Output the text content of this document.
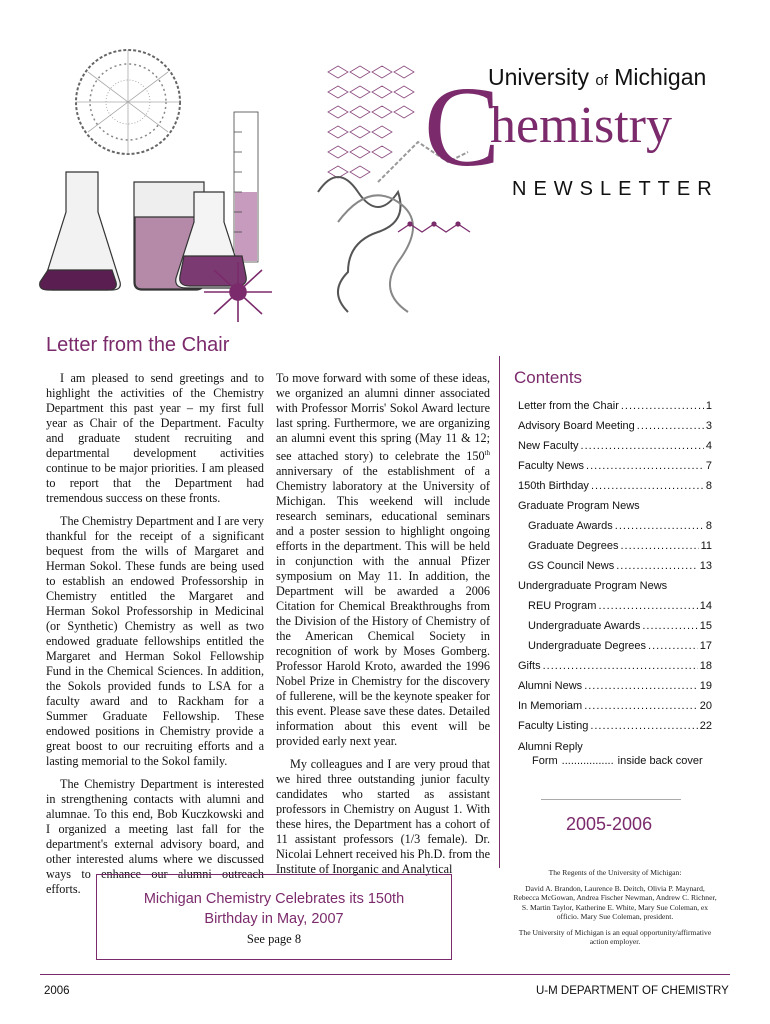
University of Michigan
C
hemistry
NEWSLETTER
Letter from the Chair

I am pleased to send greetings and to highlight the activities of the Chemistry Department this past year – my first full year as Chair of the Department. Faculty and graduate student recruiting and departmental development activities continue to be major priorities. I am pleased to report that the Department had tremendous success on these fronts.

The Chemistry Department and I are very thankful for the receipt of a significant bequest from the wills of Margaret and Herman Sokol. These funds are being used to establish an endowed Professorship in Chemistry entitled the Margaret and Herman Sokol Professorship in Medicinal (or Synthetic) Chemistry as well as two endowed graduate fellowships entitled the Margaret and Herman Sokol Fellowship Fund in the Chemical Sciences. In addition, the Sokols provided funds to LSA for a faculty award and to Rackham for a Summer Graduate Fellowship. These endowed positions in Chemistry provide a great boost to our recruiting efforts and a lasting memorial to the Sokol family.

The Chemistry Department is interested in strengthening contacts with alumni and alumnae. To this end, Bob Kuczkowski and I organized a meeting last fall for the department's external advisory board, and other interested alums where we discussed ways to enhance our alumni outreach efforts.

To move forward with some of these ideas, we organized an alumni dinner associated with Professor Morris' Sokol Award lecture last spring. Furthermore, we are organizing an alumni event this spring (May 11 & 12; see attached story) to celebrate the 150th anniversary of the establishment of a Chemistry laboratory at the University of Michigan. This weekend will include research seminars, educational seminars and a poster session to highlight ongoing efforts in the department. This will be held in conjunction with the annual Pfizer symposium on May 11. In addition, the Department will be awarded a 2006 Citation for Chemical Breakthroughs from the Division of the History of Chemistry of the American Chemical Society in recognition of work by Moses Gomberg. Professor Harold Kroto, awarded the 1996 Nobel Prize in Chemistry for the discovery of fullerene, will be the keynote speaker for this event. Please save these dates. Detailed information about this event will be provided early next year.

My colleagues and I are very proud that we hired three outstanding junior faculty candidates who started as assistant professors in Chemistry on August 1. With these hires, the Department has a cohort of 11 assistant professors (1/3 female). Dr. Nicolai Lehnert received his Ph.D. from the Institute of Inorganic and Analytical

Contents
Letter from the Chair .....	1
Advisory Board Meeting .....	3
New Faculty .....	4
Faculty News .....	7
150th Birthday .....	8
Graduate Program News
Graduate Awards .....	8
Graduate Degrees .....	11
GS Council News .....	13
Undergraduate Program News
REU Program .....	14
Undergraduate Awards .....	15
Undergraduate Degrees .....	17
Gifts .....	18
Alumni News .....	19
In Memoriam .....	20
Faculty Listing .....	22
Alumni Reply
Form ................. inside back cover
2005-2006

The Regents of the University of Michigan:

David A. Brandon, Laurence B. Deitch, Olivia P. Maynard, Rebecca McGowan, Andrea Fischer Newman, Andrew C. Richner, S. Martin Taylor, Katherine E. White, Mary Sue Coleman, ex officio. Mary Sue Coleman, president.

The University of Michigan is an equal opportunity/affirmative action employer.

Michigan Chemistry Celebrates its 150th
Birthday in May, 2007
See page 8
2006	U-M DEPARTMENT OF CHEMISTRY
